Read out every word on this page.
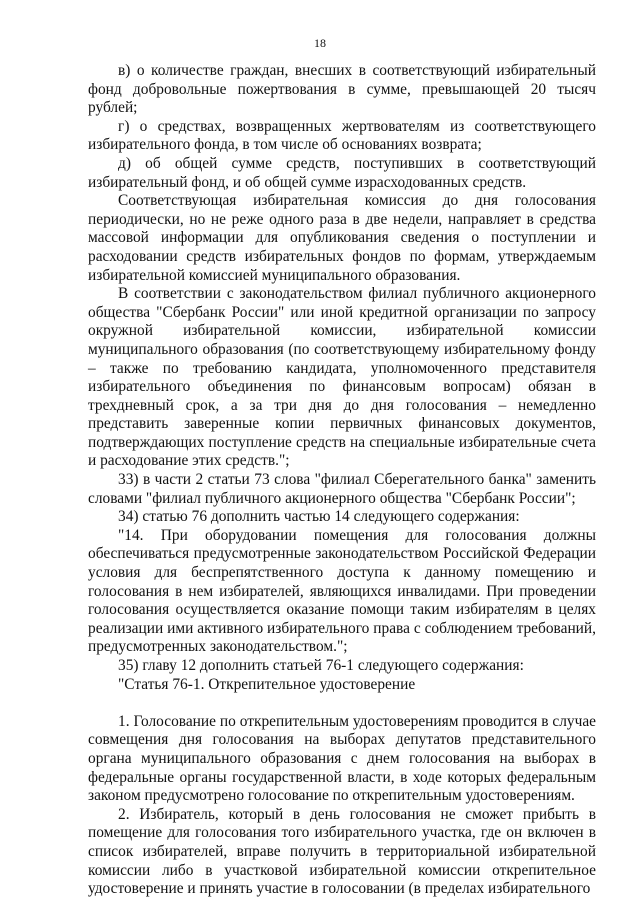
18

в) о количестве граждан, внесших в соответствующий избирательный фонд добровольные пожертвования в сумме, превышающей 20 тысяч рублей;

г) о средствах, возвращенных жертвователям из соответствующего избирательного фонда, в том числе об основаниях возврата;

д) об общей сумме средств, поступивших в соответствующий избирательный фонд, и об общей сумме израсходованных средств.

Соответствующая избирательная комиссия до дня голосования периодически, но не реже одного раза в две недели, направляет в средства массовой информации для опубликования сведения о поступлении и расходовании средств избирательных фондов по формам, утверждаемым избирательной комиссией муниципального образования.

В соответствии с законодательством филиал публичного акционерного общества "Сбербанк России" или иной кредитной организации по запросу окружной избирательной комиссии, избирательной комиссии муниципального образования (по соответствующему избирательному фонду – также по требованию кандидата, уполномоченного представителя избирательного объединения по финансовым вопросам) обязан в трехдневный срок, а за три дня до дня голосования – немедленно представить заверенные копии первичных финансовых документов, подтверждающих поступление средств на специальные избирательные счета и расходование этих средств.";

33) в части 2 статьи 73 слова "филиал Сберегательного банка" заменить словами "филиал публичного акционерного общества "Сбербанк России";

34) статью 76 дополнить частью 14 следующего содержания:

"14. При оборудовании помещения для голосования должны обеспечиваться предусмотренные законодательством Российской Федерации условия для беспрепятственного доступа к данному помещению и голосования в нем избирателей, являющихся инвалидами. При проведении голосования осуществляется оказание помощи таким избирателям в целях реализации ими активного избирательного права с соблюдением требований, предусмотренных законодательством.";

35) главу 12 дополнить статьей 76-1 следующего содержания:

"Статья 76-1. Открепительное удостоверение

1. Голосование по открепительным удостоверениям проводится в случае совмещения дня голосования на выборах депутатов представительного органа муниципального образования с днем голосования на выборах в федеральные органы государственной власти, в ходе которых федеральным законом предусмотрено голосование по открепительным удостоверениям.

2. Избиратель, который в день голосования не сможет прибыть в помещение для голосования того избирательного участка, где он включен в список избирателей, вправе получить в территориальной избирательной комиссии либо в участковой избирательной комиссии открепительное удостоверение и принять участие в голосовании (в пределах избирательного
